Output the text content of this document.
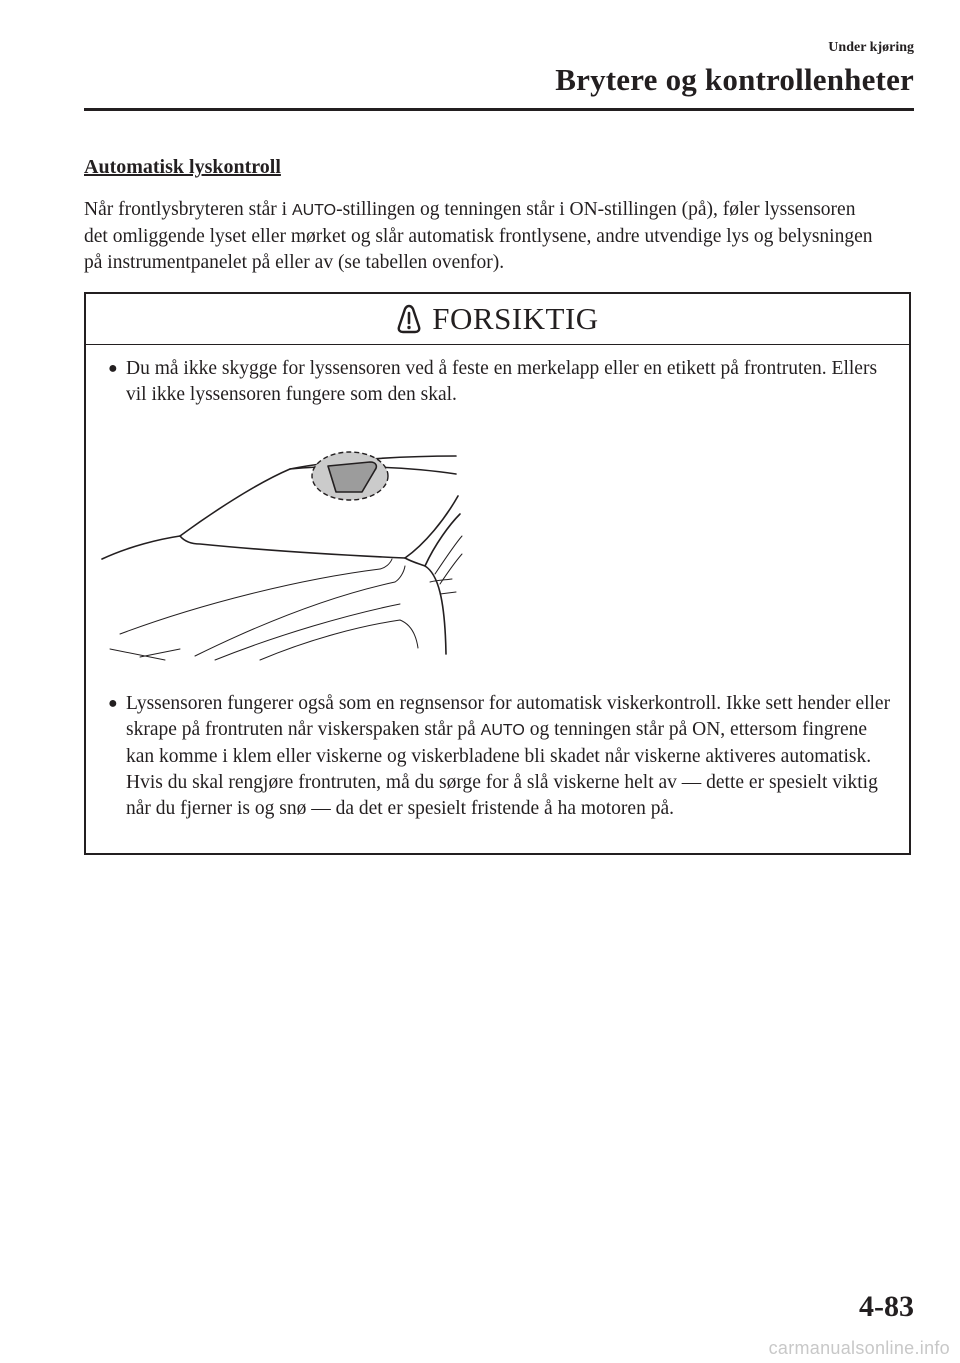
Under kjøring
Brytere og kontrollenheter
Automatisk lyskontroll
Når frontlysbryteren står i AUTO-stillingen og tenningen står i ON-stillingen (på), føler lyssensoren det omliggende lyset eller mørket og slår automatisk frontlysene, andre utvendige lys og belysningen på instrumentpanelet på eller av (se tabellen ovenfor).
FORSIKTIG
● Du må ikke skygge for lyssensoren ved å feste en merkelapp eller en etikett på frontruten. Ellers vil ikke lyssensoren fungere som den skal.
● Lyssensoren fungerer også som en regnsensor for automatisk viskerkontroll. Ikke sett hender eller skrape på frontruten når viskerspaken står på AUTO og tenningen står på ON, ettersom fingrene kan komme i klem eller viskerne og viskerbladene bli skadet når viskerne aktiveres automatisk. Hvis du skal rengjøre frontruten, må du sørge for å slå viskerne helt av — dette er spesielt viktig når du fjerner is og snø — da det er spesielt fristende å ha motoren på.
4-83
carmanualsonline.info
